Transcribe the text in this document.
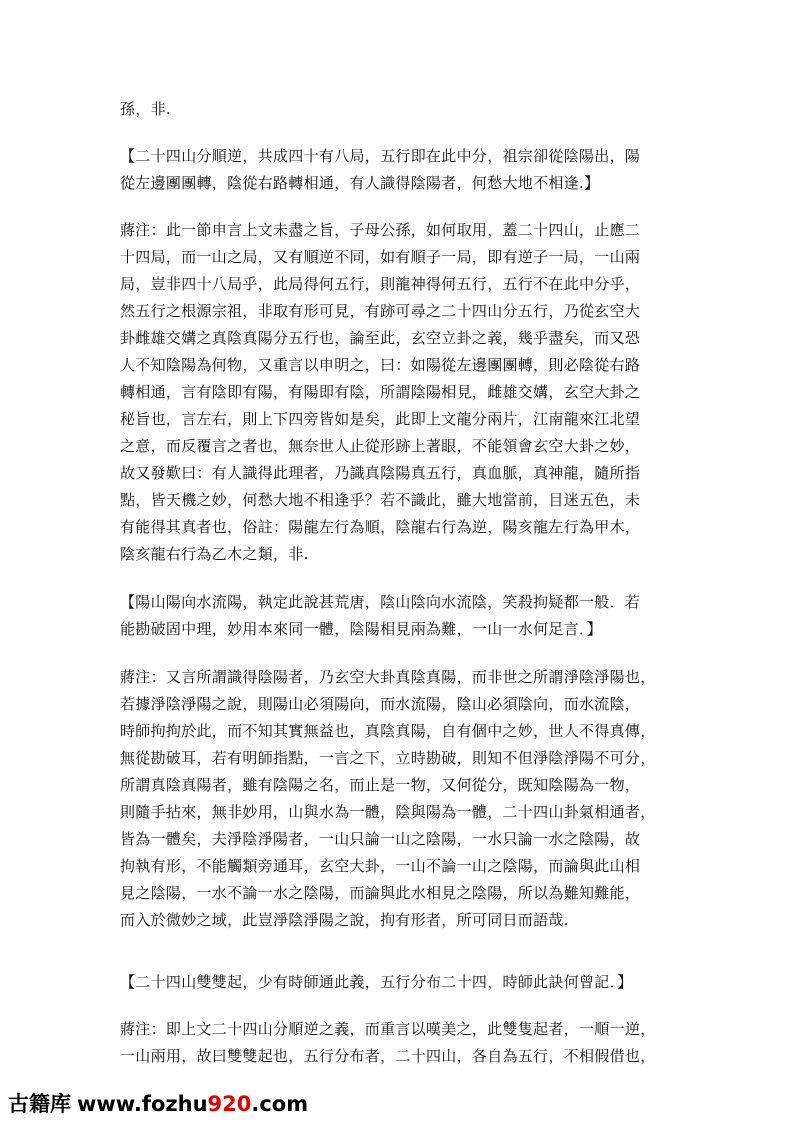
孫，非.
【二十四山分順逆，共成四十有八局，五行即在此中分，祖宗卻從陰陽出，陽
從左邊團團轉，陰從右路轉相通，有人識得陰陽者，何愁大地不相逢.】
蔣注：此一節申言上文未盡之旨，子母公孫，如何取用，蓋二十四山，止應二
十四局，而一山之局，又有順逆不同，如有順子一局，即有逆子一局，一山兩
局，豈非四十八局乎，此局得何五行，則龍神得何五行，五行不在此中分乎，
然五行之根源宗祖，非取有形可見，有跡可尋之二十四山分五行，乃從玄空大
卦雌雄交媾之真陰真陽分五行也，論至此，玄空立卦之義，幾乎盡矣，而又恐
人不知陰陽為何物，又重言以申明之，曰：如陽從左邊團團轉，則必陰從右路
轉相通，言有陰即有陽，有陽即有陰，所謂陰陽相見，雌雄交媾，玄空大卦之
秘旨也，言左右，則上下四旁皆如是矣，此即上文龍分兩片，江南龍來江北望
之意，而反覆言之者也，無奈世人止從形跡上著眼，不能領會玄空大卦之妙，
故又發歎曰：有人識得此理者，乃識真陰陽真五行，真血脈，真神龍，隨所指
點，皆天機之妙，何愁大地不相逢乎？若不識此，雖大地當前，目迷五色，未
有能得其真者也，俗註：陽龍左行為順，陰龍右行為逆，陽亥龍左行為甲木，
陰亥龍右行為乙木之類，非.
【陽山陽向水流陽，執定此說甚荒唐，陰山陰向水流陰，笑殺拘疑都一般．若
能勘破固中理，妙用本來同一體，陰陽相見兩為難，一山一水何足言．】
蔣注：又言所謂識得陰陽者，乃玄空大卦真陰真陽，而非世之所謂淨陰淨陽也，
若據淨陰淨陽之說，則陽山必須陽向，而水流陽，陰山必須陰向，而水流陰，
時師拘拘於此，而不知其實無益也，真陰真陽，自有個中之妙，世人不得真傳，
無從勘破耳，若有明師指點，一言之下，立時勘破，則知不但淨陰淨陽不可分，
所謂真陰真陽者，雖有陰陽之名，而止是一物，又何從分，既知陰陽為一物，
則隨手拈來，無非妙用，山與水為一體，陰與陽為一體，二十四山卦氣相通者，
皆為一體矣，夫淨陰淨陽者，一山只論一山之陰陽，一水只論一水之陰陽，故
拘執有形，不能觸類旁通耳，玄空大卦，一山不論一山之陰陽，而論與此山相
見之陰陽，一水不論一水之陰陽，而論與此水相見之陰陽，所以為難知難能，
而入於微妙之域，此豈淨陰淨陽之說，拘有形者，所可同日而語哉.
【二十四山雙雙起，少有時師通此義，五行分布二十四，時師此訣何曾記．】
蔣注：即上文二十四山分順逆之義，而重言以嘆美之，此雙隻起者，一順一逆，
一山兩用，故曰雙雙起也，五行分布者，二十四山，各自為五行，不相假借也，
古籍库 www.fozhu920.com
